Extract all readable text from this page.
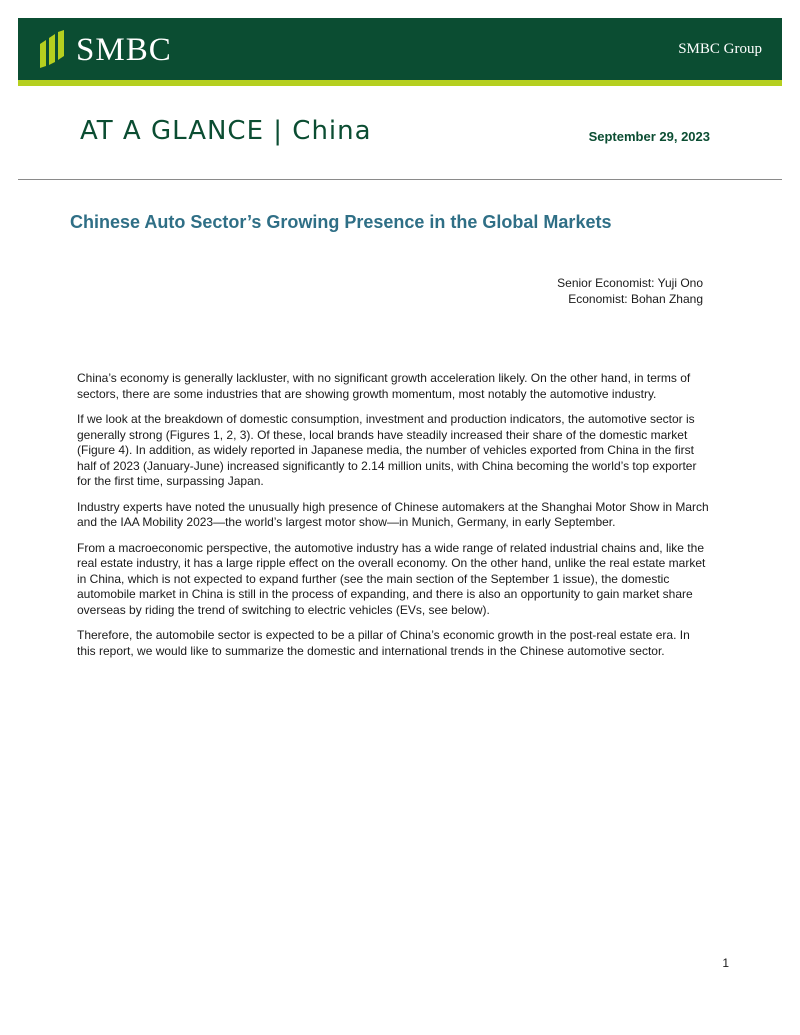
SMBC	SMBC Group
AT A GLANCE | China	September 29, 2023
Chinese Auto Sector’s Growing Presence in the Global Markets
Senior Economist: Yuji Ono
Economist: Bohan Zhang

China’s economy is generally lackluster, with no significant growth acceleration likely. On the other hand, in terms of sectors, there are some industries that are showing growth momentum, most notably the automotive industry.

If we look at the breakdown of domestic consumption, investment and production indicators, the automotive sector is generally strong (Figures 1, 2, 3). Of these, local brands have steadily increased their share of the domestic market (Figure 4). In addition, as widely reported in Japanese media, the number of vehicles exported from China in the first half of 2023 (January-June) increased significantly to 2.14 million units, with China becoming the world’s top exporter for the first time, surpassing Japan.

Industry experts have noted the unusually high presence of Chinese automakers at the Shanghai Motor Show in March and the IAA Mobility 2023—the world’s largest motor show—in Munich, Germany, in early September.

From a macroeconomic perspective, the automotive industry has a wide range of related industrial chains and, like the real estate industry, it has a large ripple effect on the overall economy. On the other hand, unlike the real estate market in China, which is not expected to expand further (see the main section of the September 1 issue), the domestic automobile market in China is still in the process of expanding, and there is also an opportunity to gain market share overseas by riding the trend of switching to electric vehicles (EVs, see below).

Therefore, the automobile sector is expected to be a pillar of China’s economic growth in the post-real estate era. In this report, we would like to summarize the domestic and international trends in the Chinese automotive sector.

1
